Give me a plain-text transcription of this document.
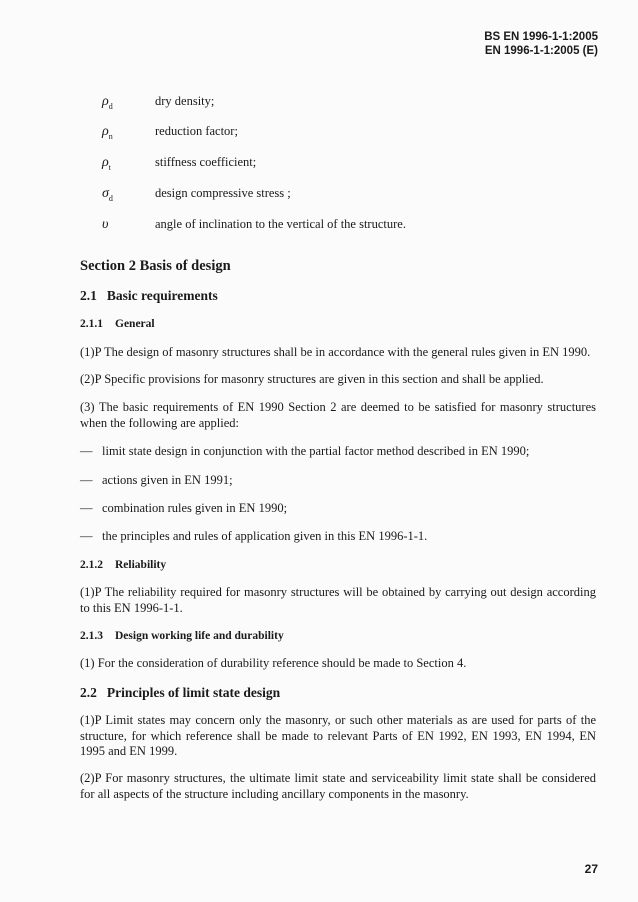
BS EN 1996-1-1:2005
EN 1996-1-1:2005 (E)
$\rho_d$	dry density;
$\rho_n$	reduction factor;
$\rho_t$	stiffness coefficient;
$\sigma_d$	design compressive stress ;
υ	angle of inclination to the vertical of the structure.
Section 2 Basis of design
2.1 Basic requirements
2.1.1 General
(1)P The design of masonry structures shall be in accordance with the general rules given in EN 1990.
(2)P Specific provisions for masonry structures are given in this section and shall be applied.
(3) The basic requirements of EN 1990 Section 2 are deemed to be satisfied for masonry structures when the following are applied:
— limit state design in conjunction with the partial factor method described in EN 1990;
— actions given in EN 1991;
— combination rules given in EN 1990;
— the principles and rules of application given in this EN 1996-1-1.
2.1.2 Reliability
(1)P The reliability required for masonry structures will be obtained by carrying out design according to this EN 1996-1-1.
2.1.3 Design working life and durability
(1) For the consideration of durability reference should be made to Section 4.
2.2 Principles of limit state design
(1)P Limit states may concern only the masonry, or such other materials as are used for parts of the structure, for which reference shall be made to relevant Parts of EN 1992, EN 1993, EN 1994, EN 1995 and EN 1999.
(2)P For masonry structures, the ultimate limit state and serviceability limit state shall be considered for all aspects of the structure including ancillary components in the masonry.
27
